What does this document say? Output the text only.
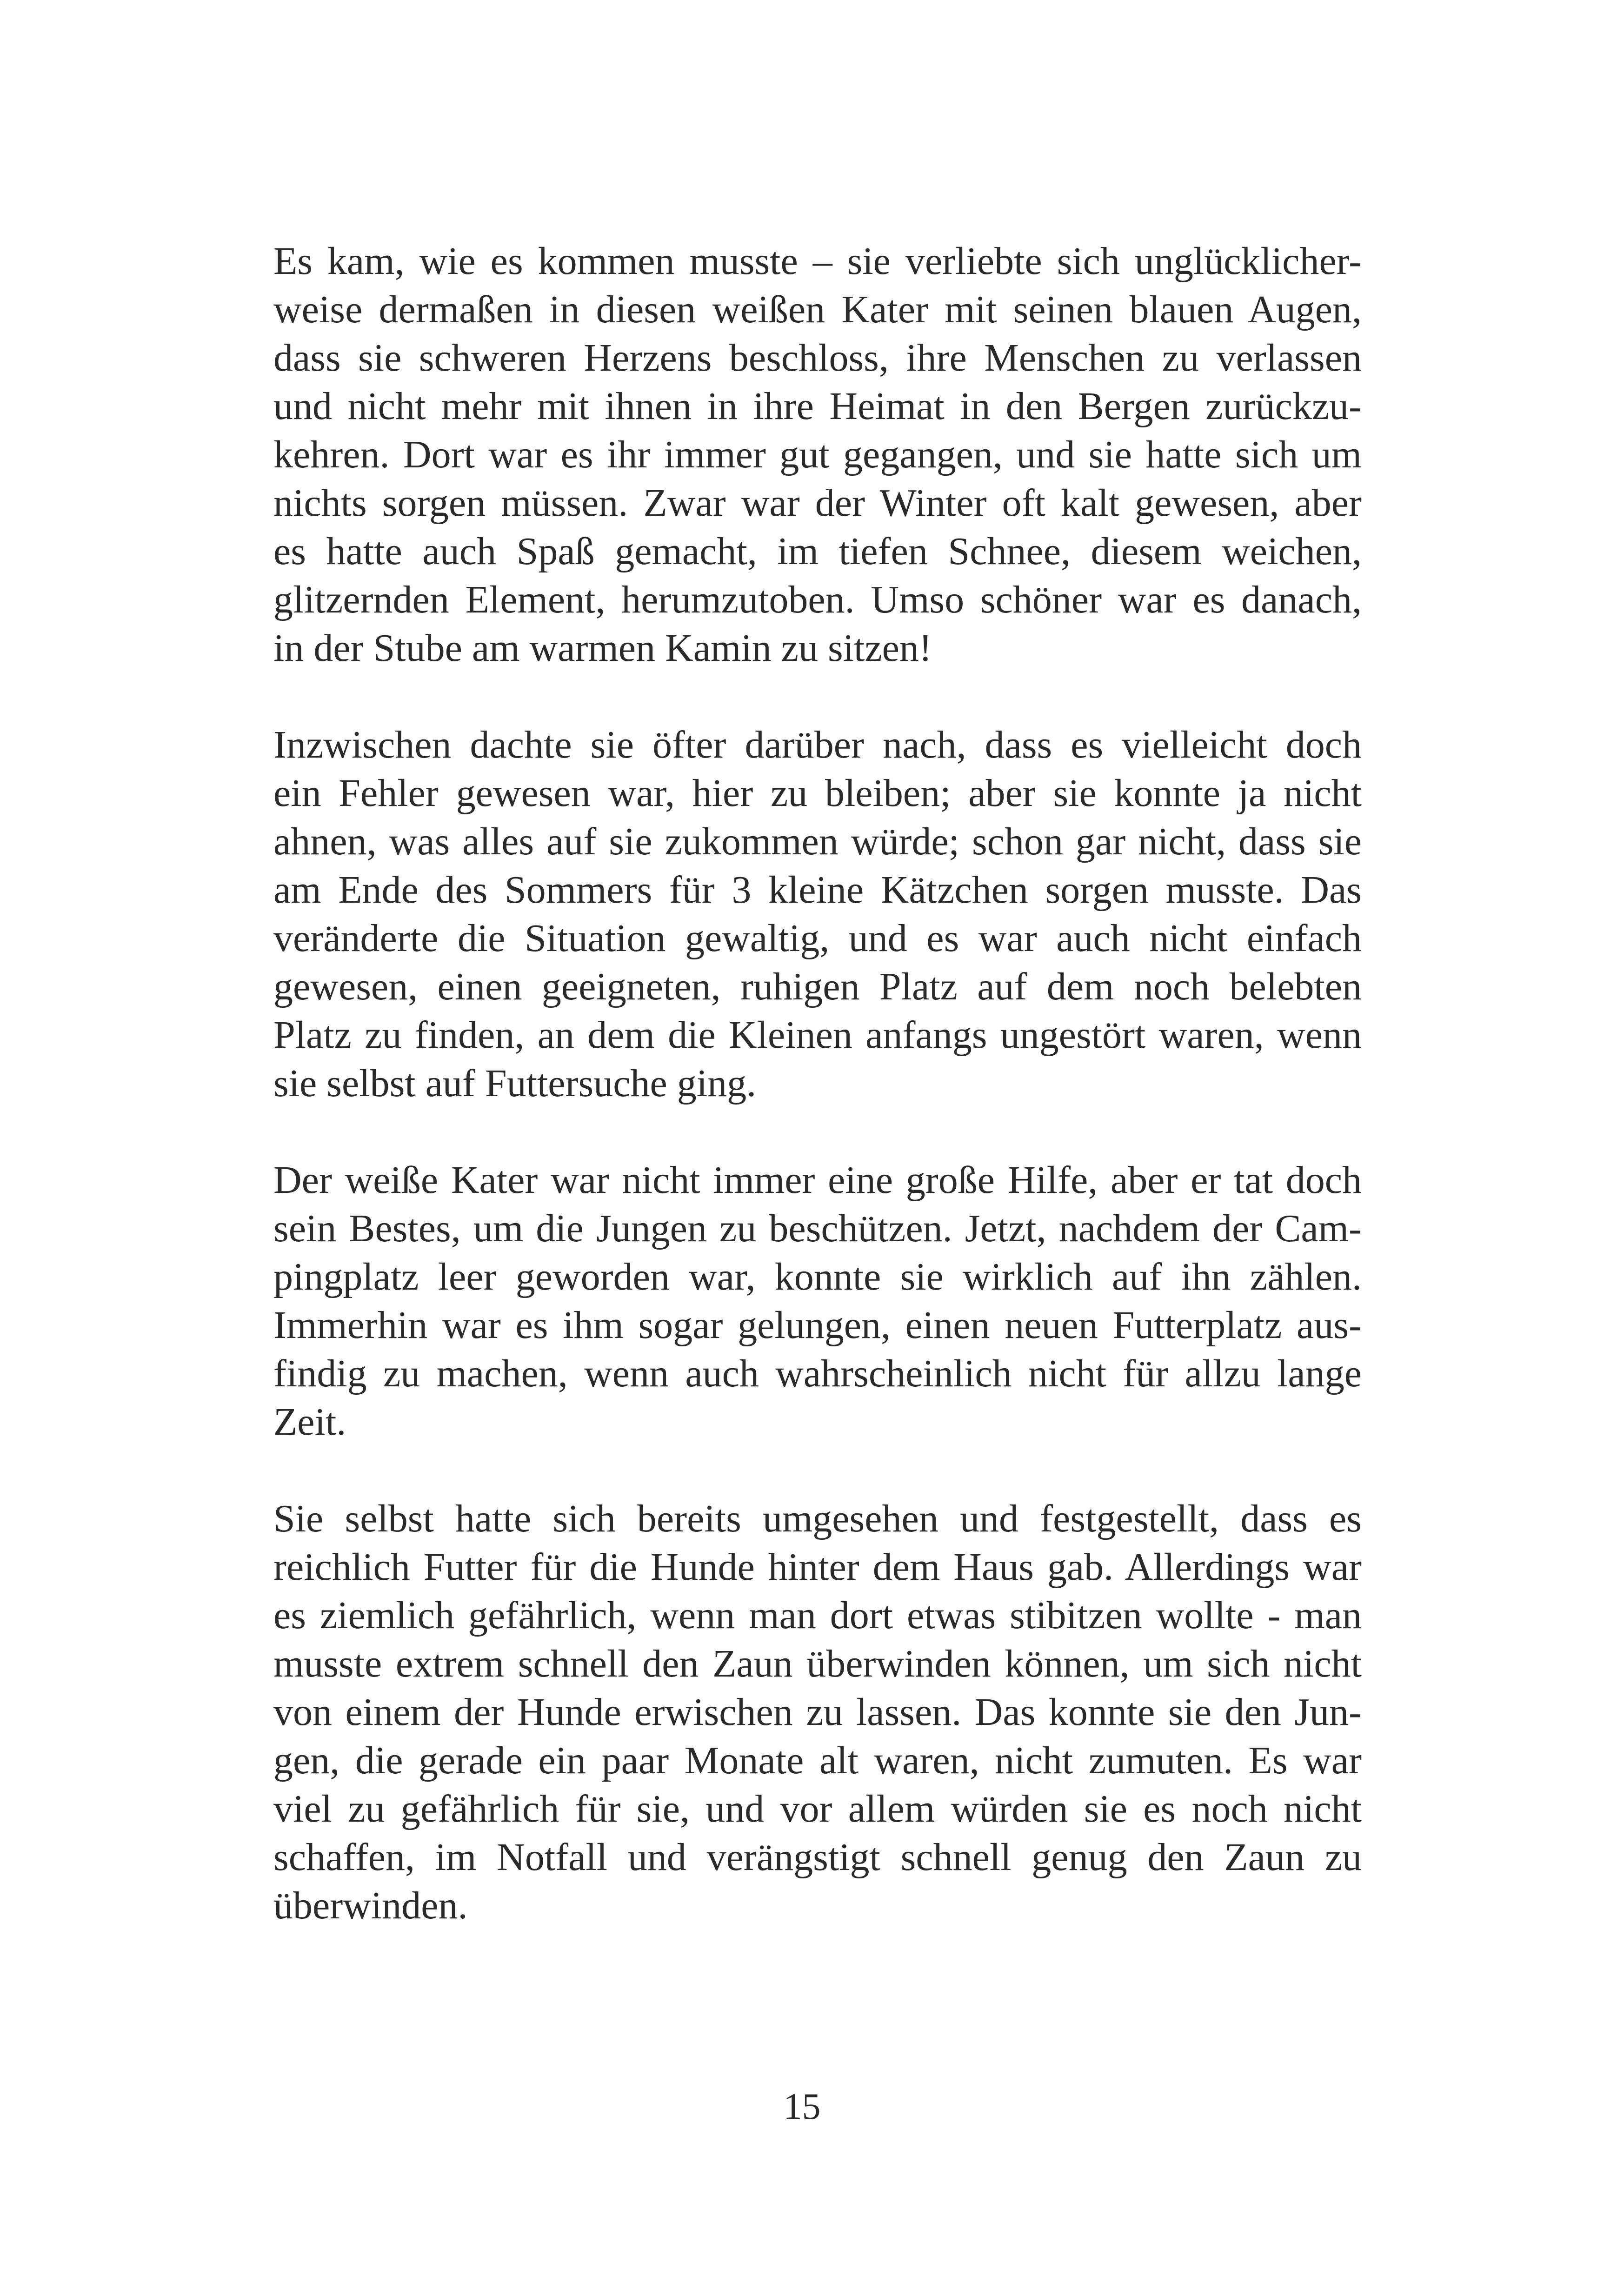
Es kam, wie es kommen musste – sie verliebte sich unglücklicher-
weise dermaßen in diesen weißen Kater mit seinen blauen Augen,
dass sie schweren Herzens beschloss, ihre Menschen zu verlassen
und nicht mehr mit ihnen in ihre Heimat in den Bergen zurückzu-
kehren. Dort war es ihr immer gut gegangen, und sie hatte sich um
nichts sorgen müssen. Zwar war der Winter oft kalt gewesen, aber
es hatte auch Spaß gemacht, im tiefen Schnee, diesem weichen,
glitzernden Element, herumzutoben. Umso schöner war es danach,
in der Stube am warmen Kamin zu sitzen!

Inzwischen dachte sie öfter darüber nach, dass es vielleicht doch
ein Fehler gewesen war, hier zu bleiben; aber sie konnte ja nicht
ahnen, was alles auf sie zukommen würde; schon gar nicht, dass sie
am Ende des Sommers für 3 kleine Kätzchen sorgen musste. Das
veränderte die Situation gewaltig, und es war auch nicht einfach
gewesen, einen geeigneten, ruhigen Platz auf dem noch belebten
Platz zu finden, an dem die Kleinen anfangs ungestört waren, wenn
sie selbst auf Futtersuche ging.

Der weiße Kater war nicht immer eine große Hilfe, aber er tat doch
sein Bestes, um die Jungen zu beschützen. Jetzt, nachdem der Cam-
pingplatz leer geworden war, konnte sie wirklich auf ihn zählen.
Immerhin war es ihm sogar gelungen, einen neuen Futterplatz aus-
findig zu machen, wenn auch wahrscheinlich nicht für allzu lange
Zeit.

Sie selbst hatte sich bereits umgesehen und festgestellt, dass es
reichlich Futter für die Hunde hinter dem Haus gab. Allerdings war
es ziemlich gefährlich, wenn man dort etwas stibitzen wollte - man
musste extrem schnell den Zaun überwinden können, um sich nicht
von einem der Hunde erwischen zu lassen. Das konnte sie den Jun-
gen, die gerade ein paar Monate alt waren, nicht zumuten. Es war
viel zu gefährlich für sie, und vor allem würden sie es noch nicht
schaffen, im Notfall und verängstigt schnell genug den Zaun zu
überwinden.

15
